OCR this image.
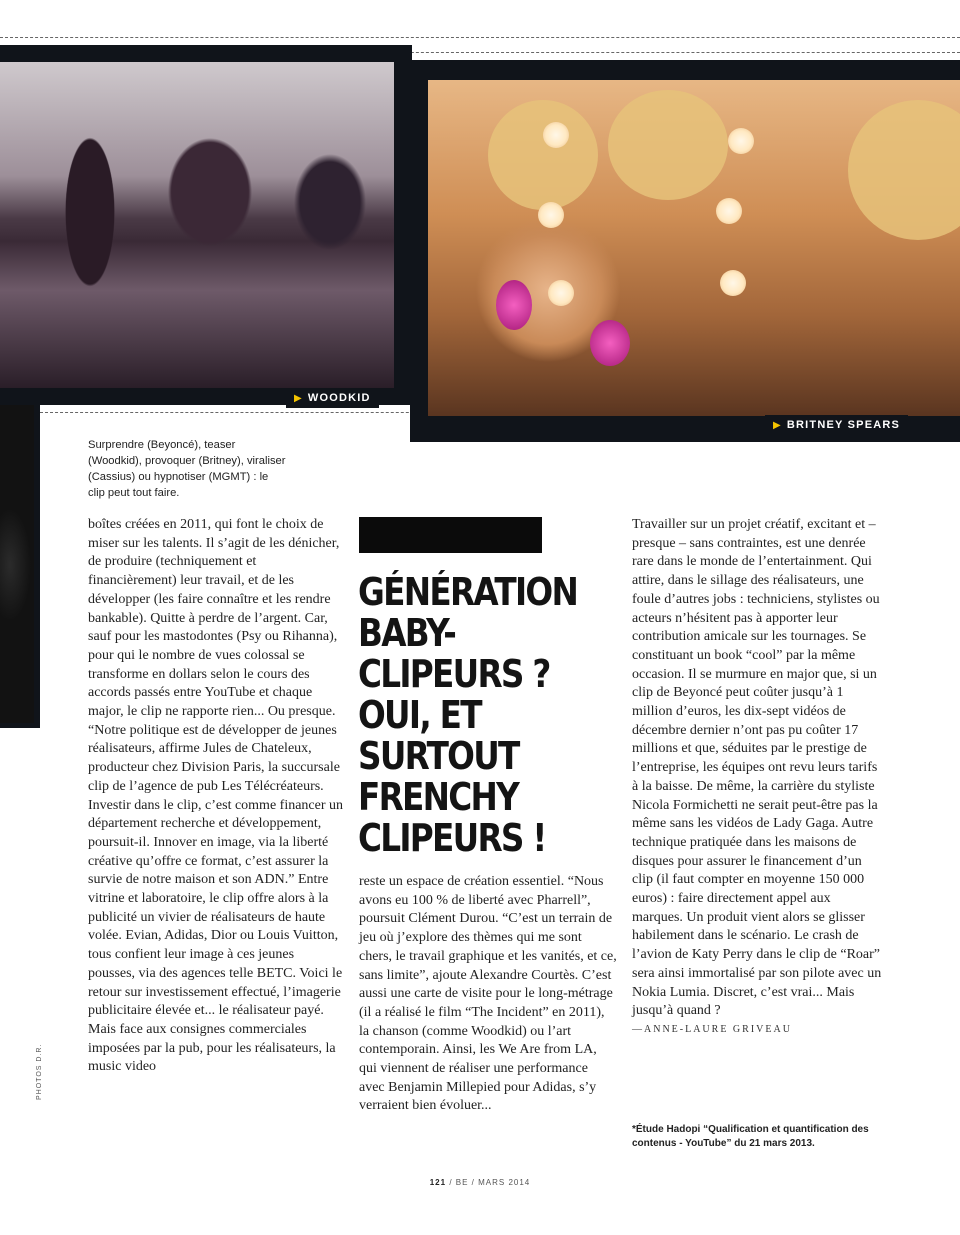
▶ WOODKID
▶ BRITNEY SPEARS
Surprendre (Beyoncé), teaser (Woodkid), provoquer (Britney), viraliser (Cassius) ou hypnotiser (MGMT) : le clip peut tout faire.
boîtes créées en 2011, qui font le choix de miser sur les talents. Il s’agit de les dénicher, de produire (techniquement et financièrement) leur travail, et de les développer (les faire connaître et les rendre bankable). Quitte à perdre de l’argent. Car, sauf pour les mastodontes (Psy ou Rihanna), pour qui le nombre de vues colossal se transforme en dollars selon le cours des accords passés entre YouTube et chaque major, le clip ne rapporte rien... Ou presque. “Notre politique est de développer de jeunes réalisateurs, affirme Jules de Chateleux, producteur chez Division Paris, la succursale clip de l’agence de pub Les Télécréateurs. Investir dans le clip, c’est comme financer un département recherche et développement, poursuit-il. Innover en image, via la liberté créative qu’offre ce format, c’est assurer la survie de notre maison et son ADN.” Entre vitrine et laboratoire, le clip offre alors à la publicité un vivier de réalisateurs de haute volée. Evian, Adidas, Dior ou Louis Vuitton, tous confient leur image à ces jeunes pousses, via des agences telle BETC. Voici le retour sur investissement effectué, l’imagerie publicitaire élevée et... le réalisateur payé. Mais face aux consignes commerciales imposées par la pub, pour les réalisateurs, la music video
GÉNÉRATION BABY-CLIPEURS ? OUI, ET SURTOUT FRENCHY CLIPEURS !
reste un espace de création essentiel. “Nous avons eu 100 % de liberté avec Pharrell”, poursuit Clément Durou. “C’est un terrain de jeu où j’explore des thèmes qui me sont chers, le travail graphique et les vanités, et ce, sans limite”, ajoute Alexandre Courtès. C’est aussi une carte de visite pour le long-métrage (il a réalisé le film “The Incident” en 2011), la chanson (comme Woodkid) ou l’art contemporain. Ainsi, les We Are from LA, qui viennent de réaliser une performance avec Benjamin Millepied pour Adidas, s’y verraient bien évoluer...
Travailler sur un projet créatif, excitant et – presque – sans contraintes, est une denrée rare dans le monde de l’entertainment. Qui attire, dans le sillage des réalisateurs, une foule d’autres jobs : techniciens, stylistes ou acteurs n’hésitent pas à apporter leur contribution amicale sur les tournages. Se constituant un book “cool” par la même occasion. Il se murmure en major que, si un clip de Beyoncé peut coûter jusqu’à 1 million d’euros, les dix-sept vidéos de décembre dernier n’ont pas pu coûter 17 millions et que, séduites par le prestige de l’entreprise, les équipes ont revu leurs tarifs à la baisse. De même, la carrière du styliste Nicola Formichetti ne serait peut-être pas la même sans les vidéos de Lady Gaga. Autre technique pratiquée dans les maisons de disques pour assurer le financement d’un clip (il faut compter en moyenne 150 000 euros) : faire directement appel aux marques. Un produit vient alors se glisser habilement dans le scénario. Le crash de l’avion de Katy Perry dans le clip de “Roar” sera ainsi immortalisé par son pilote avec un Nokia Lumia. Discret, c’est vrai... Mais jusqu’à quand ?
—ANNE-LAURE GRIVEAU
*Étude Hadopi “Qualification et quantification des contenus - YouTube” du 21 mars 2013.
PHOTOS D.R.
121 / BE / MARS 2014
